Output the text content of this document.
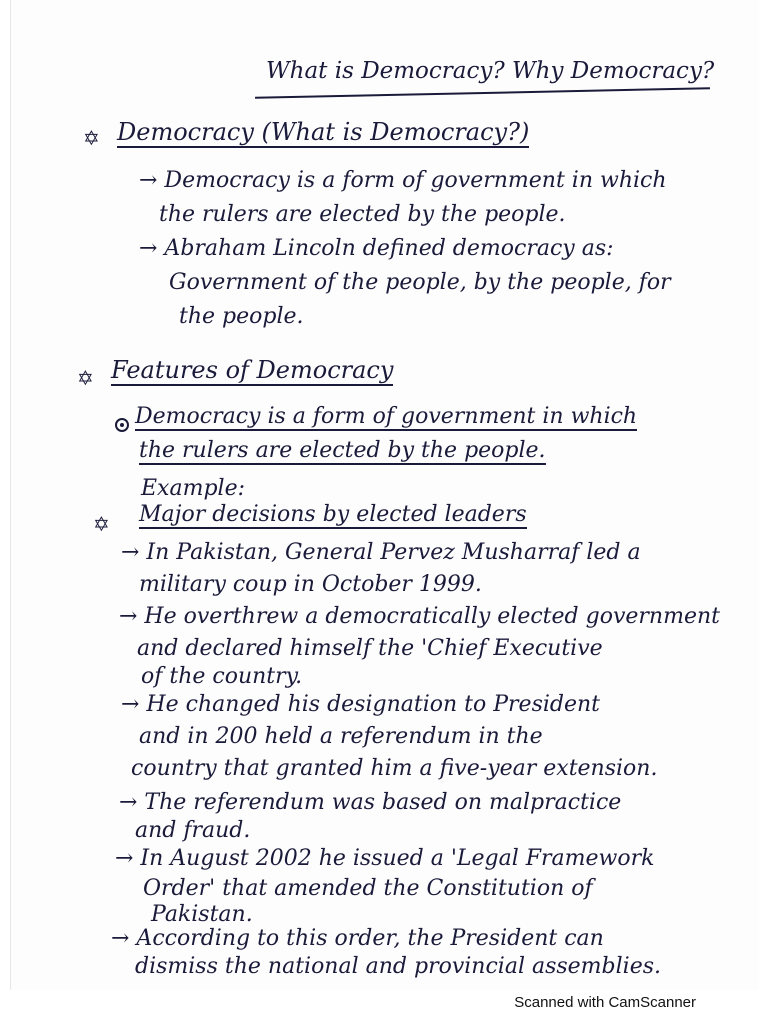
What is Democracy? Why Democracy?
✡ Democracy (What is Democracy?)
→ Democracy is a form of government in which
the rulers are elected by the people.
→ Abraham Lincoln defined democracy as:
Government of the people, by the people, for
the people.
✡ Features of Democracy
Democracy is a form of government in which
the rulers are elected by the people.
Example:
✡ Major decisions by elected leaders
→ In Pakistan, General Pervez Musharraf led a
military coup in October 1999.
→ He overthrew a democratically elected government
and declared himself the 'Chief Executive
of the country.
→ He changed his designation to President
and in 200 held a referendum in the
country that granted him a five-year extension.
→ The referendum was based on malpractice
and fraud.
→ In August 2002 he issued a 'Legal Framework
Order' that amended the Constitution of
Pakistan.
→ According to this order, the President can
dismiss the national and provincial assemblies.
Scanned with CamScanner
